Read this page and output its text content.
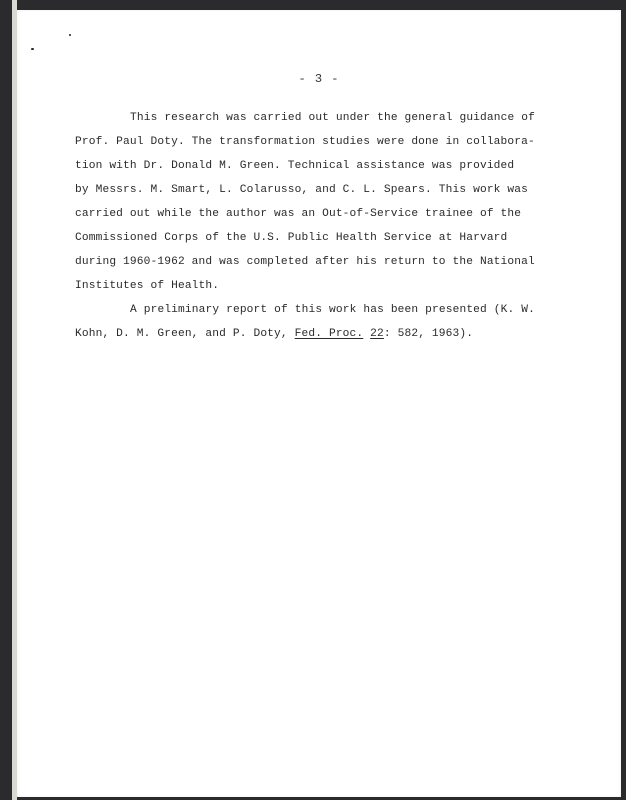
- 3 -
This research was carried out under the general guidance of
Prof. Paul Doty. The transformation studies were done in collabora-
tion with Dr. Donald M. Green. Technical assistance was provided
by Messrs. M. Smart, L. Colarusso, and C. L. Spears. This work was
carried out while the author was an Out-of-Service trainee of the
Commissioned Corps of the U.S. Public Health Service at Harvard
during 1960-1962 and was completed after his return to the National
Institutes of Health.
A preliminary report of this work has been presented (K. W.
Kohn, D. M. Green, and P. Doty, Fed. Proc. 22: 582, 1963).
